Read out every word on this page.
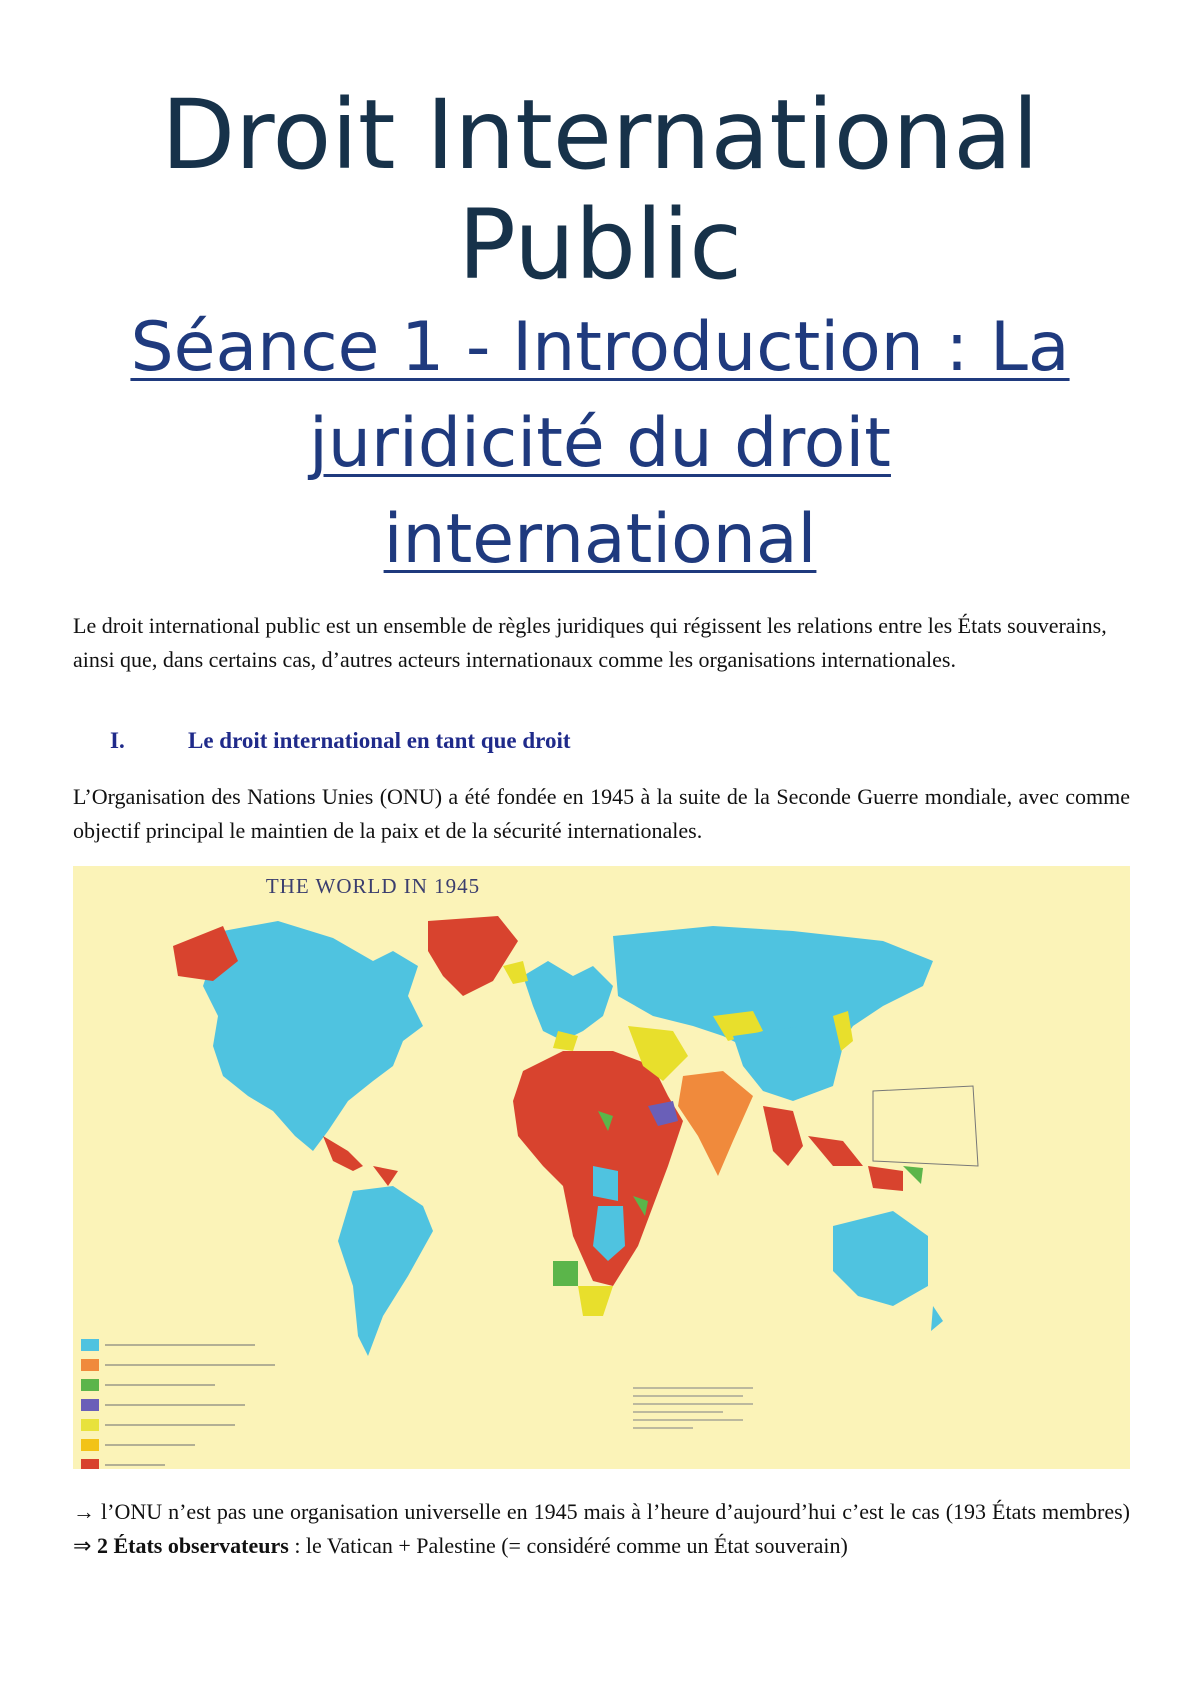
Droit International
Public
Séance 1 - Introduction : La
juridicité du droit
international

Le droit international public est un ensemble de règles juridiques qui régissent les relations entre les États souverains, ainsi que, dans certains cas, d’autres acteurs internationaux comme les organisations internationales.

I.	Le droit international en tant que droit

L’Organisation des Nations Unies (ONU) a été fondée en 1945 à la suite de la Seconde Guerre mondiale, avec comme objectif principal le maintien de la paix et de la sécurité internationales.

THE WORLD IN 1945

→ l’ONU n’est pas une organisation universelle en 1945 mais à l’heure d’aujourd’hui c’est le cas (193 États membres) ⇒ 2 États observateurs : le Vatican + Palestine (= considéré comme un État souverain)
